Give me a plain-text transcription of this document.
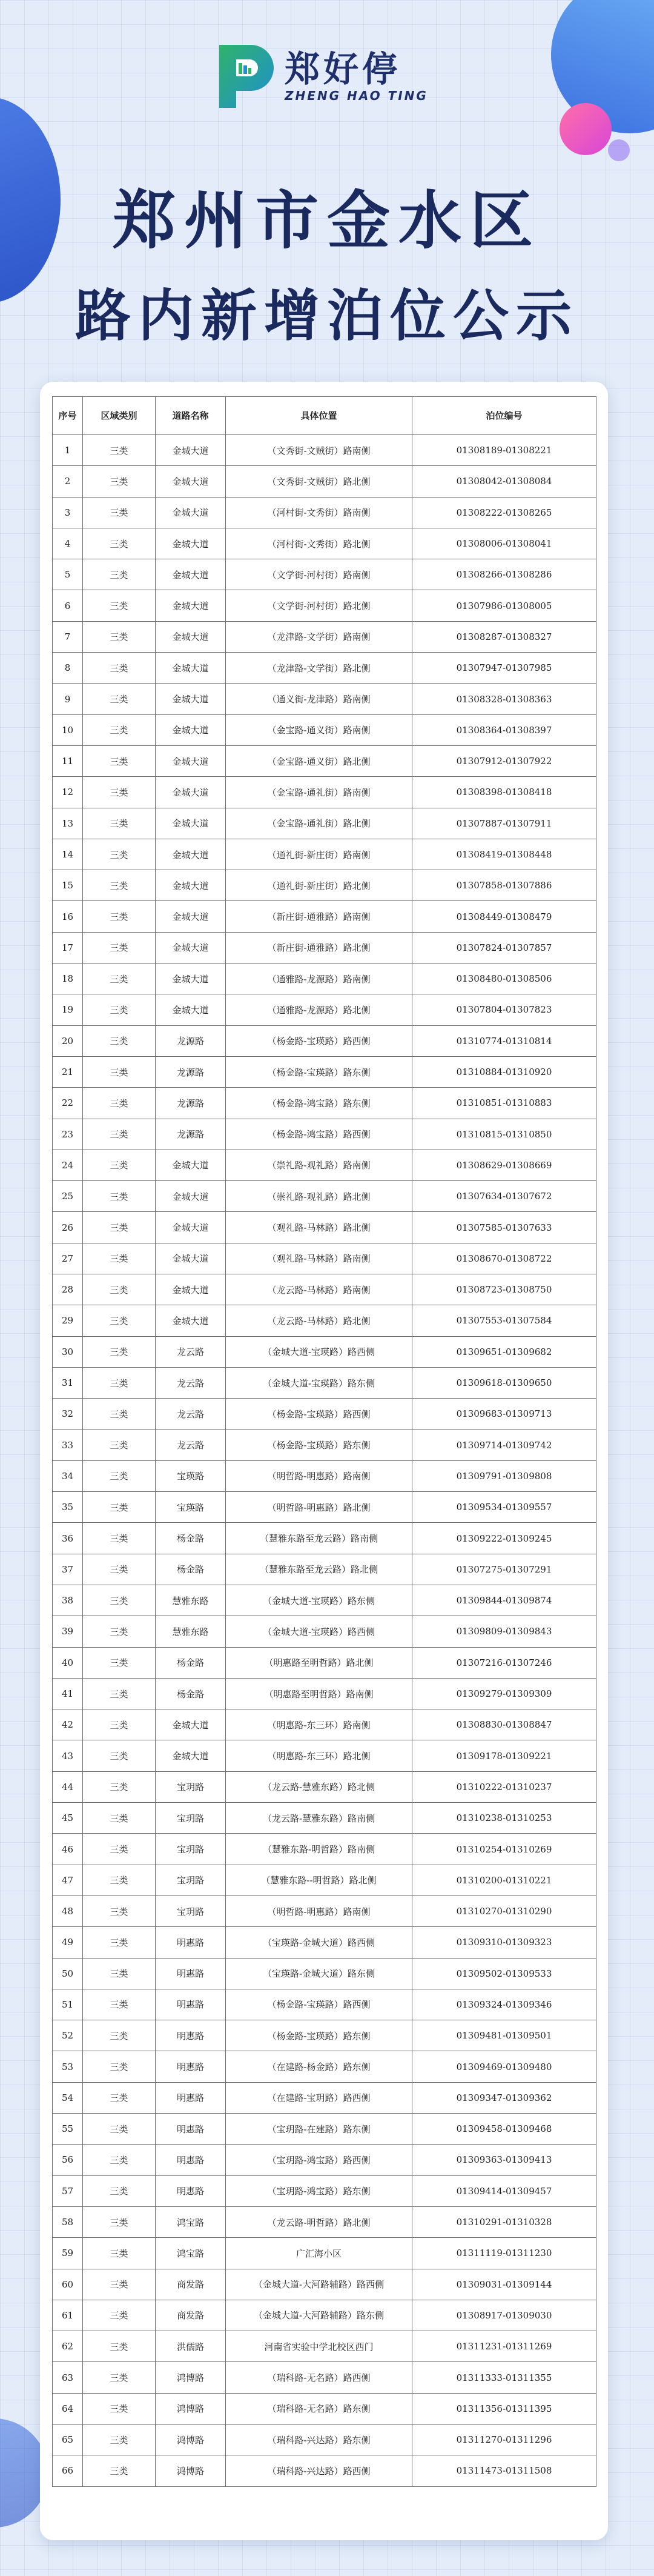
郑好停
ZHENG HAO TING
郑州市金水区
路内新增泊位公示
序号	区域类别	道路名称	具体位置	泊位编号
1	三类	金城大道	（文秀街-文贼街）路南侧	01308189-01308221
2	三类	金城大道	（文秀街-文贼街）路北侧	01308042-01308084
3	三类	金城大道	（河村街-文秀街）路南侧	01308222-01308265
4	三类	金城大道	（河村街-文秀街）路北侧	01308006-01308041
5	三类	金城大道	（文学街-河村街）路南侧	01308266-01308286
6	三类	金城大道	（文学街-河村街）路北侧	01307986-01308005
7	三类	金城大道	（龙津路-文学街）路南侧	01308287-01308327
8	三类	金城大道	（龙津路-文学街）路北侧	01307947-01307985
9	三类	金城大道	（通义街-龙津路）路南侧	01308328-01308363
10	三类	金城大道	（金宝路-通义街）路南侧	01308364-01308397
11	三类	金城大道	（金宝路-通义街）路北侧	01307912-01307922
12	三类	金城大道	（金宝路-通礼街）路南侧	01308398-01308418
13	三类	金城大道	（金宝路-通礼街）路北侧	01307887-01307911
14	三类	金城大道	（通礼街-新庄街）路南侧	01308419-01308448
15	三类	金城大道	（通礼街-新庄街）路北侧	01307858-01307886
16	三类	金城大道	（新庄街-通雅路）路南侧	01308449-01308479
17	三类	金城大道	（新庄街-通雅路）路北侧	01307824-01307857
18	三类	金城大道	（通雅路-龙源路）路南侧	01308480-01308506
19	三类	金城大道	（通雅路-龙源路）路北侧	01307804-01307823
20	三类	龙源路	（杨金路-宝瑛路）路西侧	01310774-01310814
21	三类	龙源路	（杨金路-宝瑛路）路东侧	01310884-01310920
22	三类	龙源路	（杨金路-鸿宝路）路东侧	01310851-01310883
23	三类	龙源路	（杨金路-鸿宝路）路西侧	01310815-01310850
24	三类	金城大道	（崇礼路-观礼路）路南侧	01308629-01308669
25	三类	金城大道	（崇礼路-观礼路）路北侧	01307634-01307672
26	三类	金城大道	（观礼路-马林路）路北侧	01307585-01307633
27	三类	金城大道	（观礼路-马林路）路南侧	01308670-01308722
28	三类	金城大道	（龙云路-马林路）路南侧	01308723-01308750
29	三类	金城大道	（龙云路-马林路）路北侧	01307553-01307584
30	三类	龙云路	（金城大道-宝瑛路）路西侧	01309651-01309682
31	三类	龙云路	（金城大道-宝瑛路）路东侧	01309618-01309650
32	三类	龙云路	（杨金路-宝瑛路）路西侧	01309683-01309713
33	三类	龙云路	（杨金路-宝瑛路）路东侧	01309714-01309742
34	三类	宝瑛路	（明哲路-明惠路）路南侧	01309791-01309808
35	三类	宝瑛路	（明哲路-明惠路）路北侧	01309534-01309557
36	三类	杨金路	（慧雅东路至龙云路）路南侧	01309222-01309245
37	三类	杨金路	（慧雅东路至龙云路）路北侧	01307275-01307291
38	三类	慧雅东路	（金城大道-宝瑛路）路东侧	01309844-01309874
39	三类	慧雅东路	（金城大道-宝瑛路）路西侧	01309809-01309843
40	三类	杨金路	（明惠路至明哲路）路北侧	01307216-01307246
41	三类	杨金路	（明惠路至明哲路）路南侧	01309279-01309309
42	三类	金城大道	（明惠路-东三环）路南侧	01308830-01308847
43	三类	金城大道	（明惠路-东三环）路北侧	01309178-01309221
44	三类	宝玥路	（龙云路-慧雅东路）路北侧	01310222-01310237
45	三类	宝玥路	（龙云路-慧雅东路）路南侧	01310238-01310253
46	三类	宝玥路	（慧雅东路-明哲路）路南侧	01310254-01310269
47	三类	宝玥路	（慧雅东路--明哲路）路北侧	01310200-01310221
48	三类	宝玥路	（明哲路-明惠路）路南侧	01310270-01310290
49	三类	明惠路	（宝瑛路-金城大道）路西侧	01309310-01309323
50	三类	明惠路	（宝瑛路-金城大道）路东侧	01309502-01309533
51	三类	明惠路	（杨金路-宝瑛路）路西侧	01309324-01309346
52	三类	明惠路	（杨金路-宝瑛路）路东侧	01309481-01309501
53	三类	明惠路	（在建路-杨金路）路东侧	01309469-01309480
54	三类	明惠路	（在建路-宝玥路）路西侧	01309347-01309362
55	三类	明惠路	（宝玥路-在建路）路东侧	01309458-01309468
56	三类	明惠路	（宝玥路-鸿宝路）路西侧	01309363-01309413
57	三类	明惠路	（宝玥路-鸿宝路）路东侧	01309414-01309457
58	三类	鸿宝路	（龙云路-明哲路）路北侧	01310291-01310328
59	三类	鸿宝路	广汇海小区	01311119-01311230
60	三类	商发路	（金城大道-大河路辅路）路西侧	01309031-01309144
61	三类	商发路	（金城大道-大河路辅路）路东侧	01308917-01309030
62	三类	洪儒路	河南省实验中学北校区西门	01311231-01311269
63	三类	鸿博路	（瑞科路-无名路）路西侧	01311333-01311355
64	三类	鸿博路	（瑞科路-无名路）路东侧	01311356-01311395
65	三类	鸿博路	（瑞科路-兴达路）路东侧	01311270-01311296
66	三类	鸿博路	（瑞科路-兴达路）路西侧	01311473-01311508
